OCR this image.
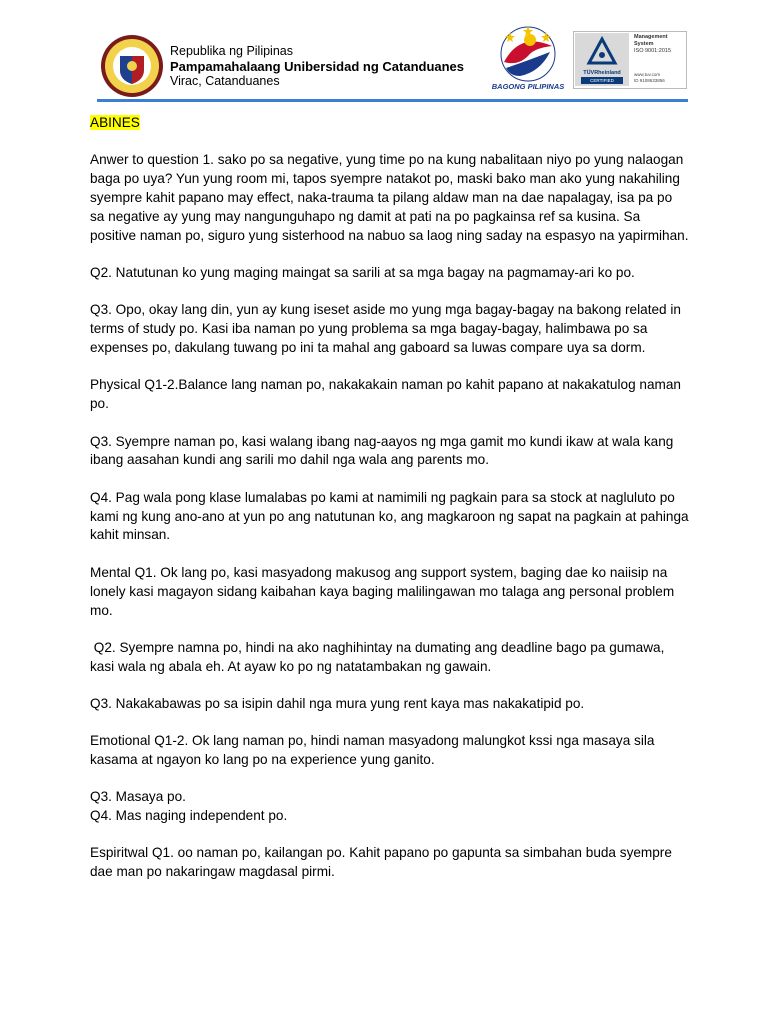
Republika ng Pilipinas
Pampamahalaang Unibersidad ng Catanduanes
Virac, Catanduanes	BAGONG PILIPINAS
TÜVRheinland
CERTIFIED
Management
System
ISO 9001:2015
www.tuv.com
ID 9108633856

ABINES

Anwer to question 1. sako po sa negative, yung time po na kung nabalitaan niyo po yung nalaogan baga po uya? Yun yung room mi, tapos syempre natakot po, maski bako man ako yung nakahiling syempre kahit papano may effect, naka-trauma ta pilang aldaw man na dae napalagay, isa pa po sa negative ay yung may nangunguhapo ng damit at pati na po pagkainsa ref sa kusina. Sa positive naman po, siguro yung sisterhood na nabuo sa laog ning saday na espasyo na yapirmihan.

Q2. Natutunan ko yung maging maingat sa sarili at sa mga bagay na pagmamay-ari ko po.

Q3. Opo, okay lang din, yun ay kung iseset aside mo yung mga bagay-bagay na bakong related in terms of study po. Kasi iba naman po yung problema sa mga bagay-bagay, halimbawa po sa expenses po, dakulang tuwang po ini ta mahal ang gaboard sa luwas compare uya sa dorm.

Physical Q1-2.Balance lang naman po, nakakakain naman po kahit papano at nakakatulog naman po.

Q3. Syempre naman po, kasi walang ibang nag-aayos ng mga gamit mo kundi ikaw at wala kang ibang aasahan kundi ang sarili mo dahil nga wala ang parents mo.

Q4. Pag wala pong klase lumalabas po kami at namimili ng pagkain para sa stock at nagluluto po kami ng kung ano-ano at yun po ang natutunan ko, ang magkaroon ng sapat na pagkain at pahinga kahit minsan.

Mental Q1. Ok lang po, kasi masyadong makusog ang support system, baging dae ko naiisip na lonely kasi magayon sidang kaibahan kaya baging malilingawan mo talaga ang personal problem mo.

Q2. Syempre namna po, hindi na ako naghihintay na dumating ang deadline bago pa gumawa, kasi wala ng abala eh. At ayaw ko po ng natatambakan ng gawain.

Q3. Nakakabawas po sa isipin dahil nga mura yung rent kaya mas nakakatipid po.

Emotional Q1-2. Ok lang naman po, hindi naman masyadong malungkot kssi nga masaya sila kasama at ngayon ko lang po na experience yung ganito.

Q3. Masaya po.
Q4. Mas naging independent po.

Espiritwal Q1. oo naman po, kailangan po. Kahit papano po gapunta sa simbahan buda syempre dae man po nakaringaw magdasal pirmi.
